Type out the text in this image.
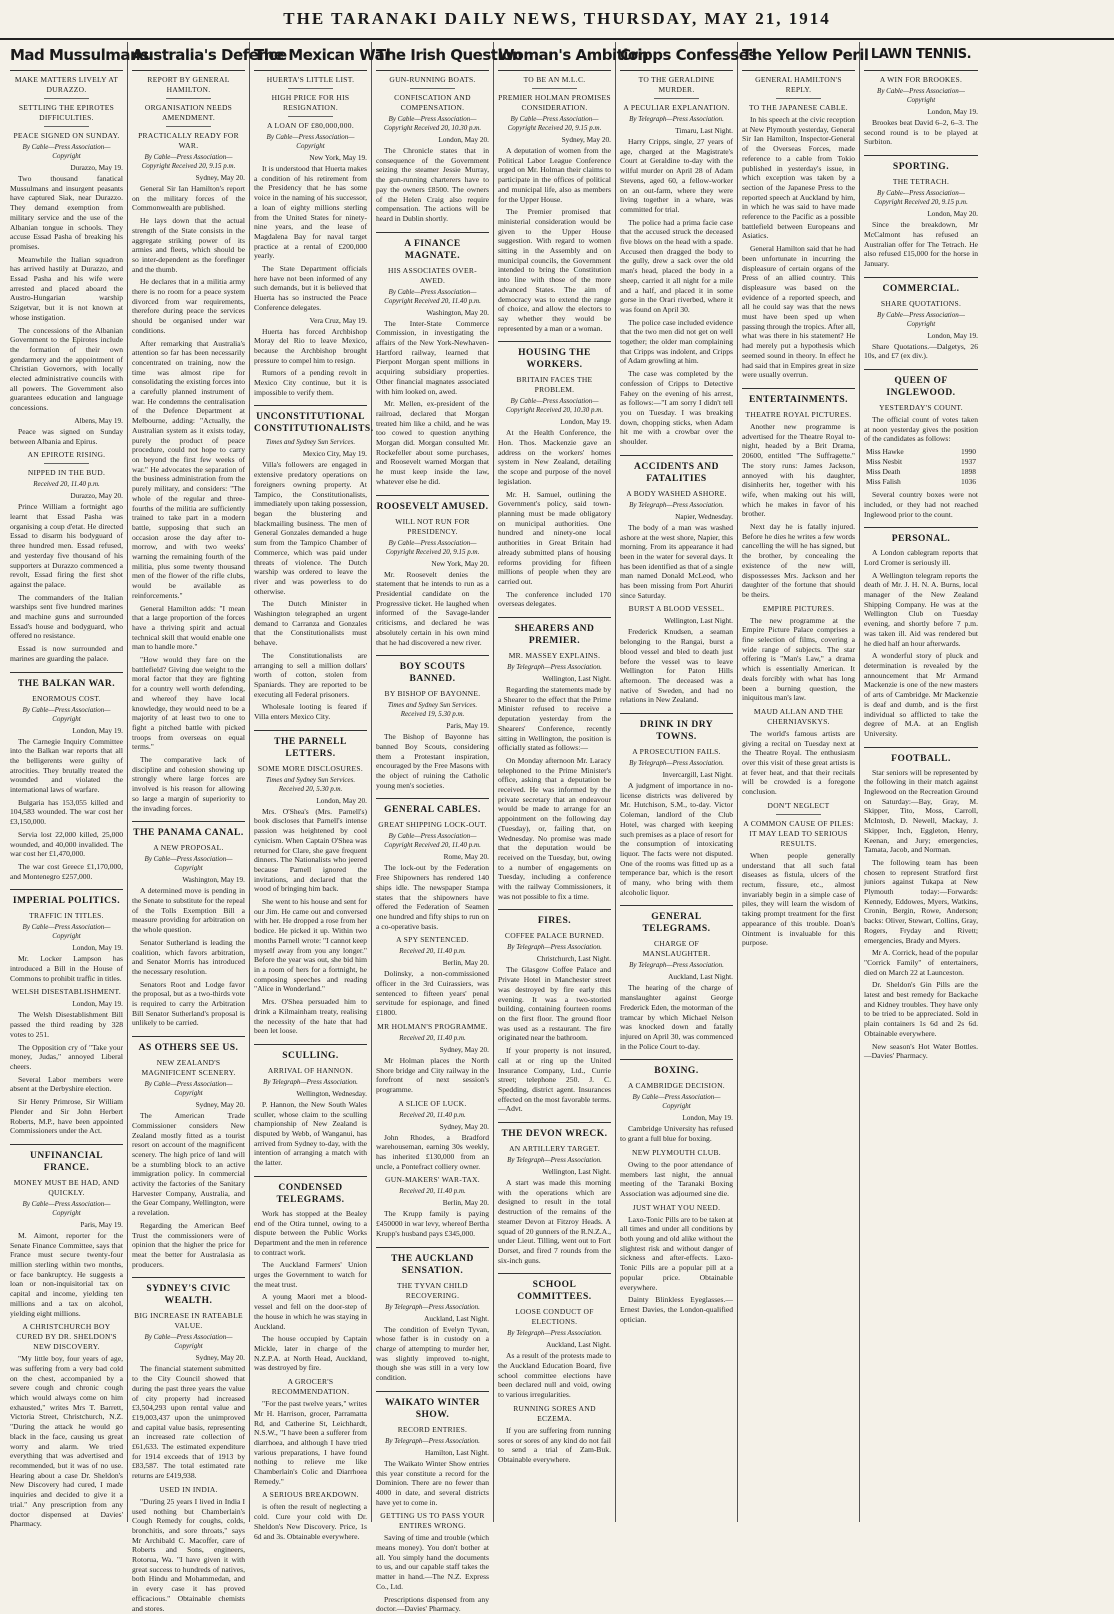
THE TARANAKI DAILY NEWS, THURSDAY, MAY 21, 1914
Mad Mussulmans
MAKE MATTERS LIVELY AT DURAZZO.
SETTLING THE EPIROTES DIFFICULTIES.
PEACE SIGNED ON SUNDAY.
By Cable—Press Association—Copyright
Durazzo, May 19.

Two thousand fanatical Mussulmans and insurgent peasants have captured Siak, near Durazzo. They demand exemption from military service and the use of the Albanian tongue in schools. They accuse Essad Pasha of breaking his promises.

Meanwhile the Italian squadron has arrived hastily at Durazzo, and Essad Pasha and his wife were arrested and placed aboard the Austro-Hungarian warship Szigetvar, but it is not known at whose instigation.

The concessions of the Albanian Government to the Epirotes include the formation of their own gendarmery and the appointment of Christian Governors, with locally elected administrative councils with all powers. The Government also guarantees education and language concessions.

Albens, May 19.

Peace was signed on Sunday between Albania and Epirus.

AN EPIROTE RISING.
NIPPED IN THE BUD.
Received 20, 11.40 p.m.
Durazzo, May 20.

Prince William a fortnight ago learnt that Essad Pasha was organising a coup d'etat. He directed Essad to disarm his bodyguard of three hundred men. Essad refused, and yesterday five thousand of his supporters at Durazzo commenced a revolt, Essad firing the first shot against the palace.

The commanders of the Italian warships sent five hundred marines and machine guns and surrounded Essad's house and bodyguard, who offered no resistance.

Essad is now surrounded and marines are guarding the palace.

THE BALKAN WAR.
ENORMOUS COST.
By Cable—Press Association—Copyright
London, May 19.

The Carnegie Inquiry Committee into the Balkan war reports that all the belligerents were guilty of atrocities. They brutally treated the wounded and violated the international laws of warfare.

Bulgaria has 153,055 killed and 104,583 wounded. The war cost her £3,150,000.

Servia lost 22,000 killed, 25,000 wounded, and 40,000 invalided. The war cost her £1,470,000.

The war cost Greece £1,170,000, and Montenegro £257,000.

IMPERIAL POLITICS.
TRAFFIC IN TITLES.
By Cable—Press Association—Copyright
London, May 19.

Mr. Locker Lampson has introduced a Bill in the House of Commons to prohibit traffic in titles.

WELSH DISESTABLISHMENT.
London, May 19.

The Welsh Disestablishment Bill passed the third reading by 328 votes to 251.

The Opposition cry of "Take your money, Judas," annoyed Liberal cheers.

Several Labor members were absent at the Derbyshire election.

Sir Henry Primrose, Sir William Plender and Sir John Herbert Roberts, M.P., have been appointed Commissioners under the Act.

UNFINANCIAL FRANCE.
MONEY MUST BE HAD, AND QUICKLY.
By Cable—Press Association—Copyright
Paris, May 19.

M. Aimont, reporter for the Senate Finance Committee, says that France must secure twenty-four million sterling within two months, or face bankruptcy. He suggests a loan or non-inquisitorial tax on capital and income, yielding ten millions and a tax on alcohol, yielding eight millions.

A CHRISTCHURCH BOY CURED BY DR. SHELDON'S NEW DISCOVERY.

"My little boy, four years of age, was suffering from a very bad cold on the chest, accompanied by a severe cough and chronic cough which would always come on him exhausted," writes Mrs T. Barrett, Victoria Street, Christchurch, N.Z. "During the attack he would go black in the face, causing us great worry and alarm. We tried everything that was advertised and recommended, but it was of no use. Hearing about a case Dr. Sheldon's New Discovery had cured, I made inquiries and decided to give it a trial." Any prescription from any doctor dispensed at Davies' Pharmacy.

Australia's Defence
REPORT BY GENERAL HAMILTON.
ORGANISATION NEEDS AMENDMENT.
PRACTICALLY READY FOR WAR.
By Cable—Press Association—Copyright Received 20, 9.15 p.m.
Sydney, May 20.

General Sir Ian Hamilton's report on the military forces of the Commonwealth are published.

He lays down that the actual strength of the State consists in the aggregate striking power of its armies and fleets, which should be so inter-dependent as the forefinger and the thumb.

He declares that in a militia army there is no room for a peace system divorced from war requirements, therefore during peace the services should be organised under war conditions.

After remarking that Australia's attention so far has been necessarily concentrated on training, now the time was almost ripe for consolidating the existing forces into a carefully planned instrument of war. He condemns the centralisation of the Defence Department at Melbourne, adding: "Actually, the Australian system as it exists today, purely the product of peace procedure, could not hope to carry on beyond the first few weeks of war." He advocates the separation of the business administration from the purely military, and considers: "The whole of the regular and three-fourths of the militia are sufficiently trained to take part in a modern battle, supposing that such an occasion arose the day after to-morrow, and with two weeks' warning the remaining fourth of the militia, plus some twenty thousand men of the flower of the rifle clubs, would be available as reinforcements."

General Hamilton adds: "I mean that a large proportion of the forces have a thriving spirit and actual technical skill that would enable one man to handle more."

"How would they fare on the battlefield? Giving due weight to the moral factor that they are fighting for a country well worth defending, and whereof they have local knowledge, they would need to be a majority of at least two to one to fight a pitched battle with picked troops from overseas on equal terms."

The comparative lack of discipline and cohesion showing up strongly where large forces are involved is his reason for allowing so large a margin of superiority to the invading forces.

THE PANAMA CANAL.
A NEW PROPOSAL.
By Cable—Press Association—Copyright
Washington, May 19.

A determined move is pending in the Senate to substitute for the repeal of the Tolls Exemption Bill a measure providing for arbitration on the whole question.

Senator Sutherland is leading the coalition, which favors arbitration, and Senator Morris has introduced the necessary resolution.

Senators Root and Lodge favor the proposal, but as a two-thirds vote is required to carry the Arbitration Bill Senator Sutherland's proposal is unlikely to be carried.

AS OTHERS SEE US.
NEW ZEALAND'S MAGNIFICENT SCENERY.
By Cable—Press Association—Copyright
Sydney, May 20.

The American Trade Commissioner considers New Zealand mostly fitted as a tourist resort on account of the magnificent scenery. The high price of land will be a stumbling block to an active immigration policy. In commercial activity the factories of the Sanitary Harvester Company, Australia, and the Gear Company, Wellington, were a revelation.

Regarding the American Beef Trust the commissioners were of opinion that the higher the price for meat the better for Australasia as producers.

SYDNEY'S CIVIC WEALTH.
BIG INCREASE IN RATEABLE VALUE.
By Cable—Press Association—Copyright
Sydney, May 20.

The financial statement submitted to the City Council showed that during the past three years the value of city property had increased £3,504,293 upon rental value and £19,003,437 upon the unimproved and capital value basis, representing an increased rate collection of £61,633. The estimated expenditure for 1914 exceeds that of 1913 by £83,587. The total estimated rate returns are £419,938.

USED IN INDIA.

"During 25 years I lived in India I used nothing but Chamberlain's Cough Remedy for coughs, colds, bronchitis, and sore throats," says Mr Archibald C. Macoffer, care of Roberts and Sons, engineers, Rotorua, Wa. "I have given it with great success to hundreds of natives, both Hindu and Mohammedan, and in every case it has proved efficacious." Obtainable chemists and stores.

The Mexican War
HUERTA'S LITTLE LIST.
HIGH PRICE FOR HIS RESIGNATION.
A LOAN OF £80,000,000.
By Cable—Press Association—Copyright
New York, May 19.

It is understood that Huerta makes a condition of his retirement from the Presidency that he has some voice in the naming of his successor, a loan of eighty millions sterling from the United States for ninety-nine years, and the lease of Magdalena Bay for naval target practice at a rental of £200,000 yearly.

The State Department officials here have not been informed of any such demands, but it is believed that Huerta has so instructed the Peace Conference delegates.

Vera Cruz, May 19.

Huerta has forced Archbishop Moray del Rio to leave Mexico, because the Archbishop brought pressure to compel him to resign.

Rumors of a pending revolt in Mexico City continue, but it is impossible to verify them.

UNCONSTITUTIONAL CONSTITUTIONALISTS.
Times and Sydney Sun Services.
Mexico City, May 19.

Villa's followers are engaged in extensive predatory operations on foreigners owning property. At Tampico, the Constitutionalists, immediately upon taking possession, began the blustering and blackmailing business. The men of General Gonzales demanded a huge sum from the Tampico Chamber of Commerce, which was paid under threats of violence. The Dutch warship was ordered to leave the river and was powerless to do otherwise.

The Dutch Minister in Washington telegraphed an urgent demand to Carranza and Gonzales that the Constitutionalists must behave.

The Constitutionalists are arranging to sell a million dollars' worth of cotton, stolen from Spaniards. They are reported to be executing all Federal prisoners.

Wholesale looting is feared if Villa enters Mexico City.

THE PARNELL LETTERS.
SOME MORE DISCLOSURES.
Times and Sydney Sun Services. Received 20, 5.30 p.m.
London, May 20.

Mrs. O'Shea's (Mrs. Parnell's) book discloses that Parnell's intense passion was heightened by cool cynicism. When Captain O'Shea was returned for Clare, she gave frequent dinners. The Nationalists who jeered because Parnell ignored the invitations, and declared that the wood of bringing him back.

She went to his house and sent for our Jim. He came out and conversed with her. He dropped a rose from her bodice. He picked it up. Within two months Parnell wrote: "I cannot keep myself away from you any longer." Before the year was out, she bid him in a room of hers for a fortnight, he composing speeches and reading "Alice in Wonderland."

Mrs. O'Shea persuaded him to drink a Kilmainham treaty, realising the necessity of the hate that had been let loose.

SCULLING.
ARRIVAL OF HANNON.
By Telegraph—Press Association.
Wellington, Wednesday.

P. Hannon, the New South Wales sculler, whose claim to the sculling championship of New Zealand is disputed by Webb, of Wanganui, has arrived from Sydney to-day, with the intention of arranging a match with the latter.

CONDENSED TELEGRAMS.

Work has stopped at the Bealey end of the Otira tunnel, owing to a dispute between the Public Works Department and the men in reference to contract work.

The Auckland Farmers' Union urges the Government to watch for the meat trust.

A young Maori met a blood-vessel and fell on the door-step of the house in which he was staying in Auckland.

The house occupied by Captain Mickle, later in charge of the N.Z.P.A. at North Head, Auckland, was destroyed by fire.

A GROCER'S RECOMMENDATION.

"For the past twelve years," writes Mr H. Harrison, grocer, Parramatta Rd, and Catherine St, Leichhardt, N.S.W., "I have been a sufferer from diarrhoea, and although I have tried various preparations, I have found nothing to relieve me like Chamberlain's Colic and Diarrhoea Remedy."

A SERIOUS BREAKDOWN.

is often the result of neglecting a cold. Cure your cold with Dr. Sheldon's New Discovery. Price, 1s 6d and 3s. Obtainable everywhere.

The Irish Question
GUN-RUNNING BOATS.
CONFISCATION AND COMPENSATION.
By Cable—Press Association—Copyright Received 20, 10.30 p.m.
London, May 20.

The Chronicle states that in consequence of the Government seizing the steamer Jessie Murray, the gun-running charterers have to pay the owners £8500. The owners of the Helen Craig also require compensation. The actions will be heard in Dublin shortly.

A FINANCE MAGNATE.
HIS ASSOCIATES OVER-AWED.
By Cable—Press Association—Copyright Received 20, 11.40 p.m.
Washington, May 20.

The Inter-State Commerce Commission, in investigating the affairs of the New York-Newhaven-Hartford railway, learned that Pierpont Morgan spent millions in acquiring subsidiary properties. Other financial magnates associated with him looked on, awed.

Mr. Mellen, ex-president of the railroad, declared that Morgan treated him like a child, and he was too cowed to question anything Morgan did. Morgan consulted Mr. Rockefeller about some purchases, and Roosevelt warned Morgan that he must keep inside the law, whatever else he did.

ROOSEVELT AMUSED.
WILL NOT RUN FOR PRESIDENCY.
By Cable—Press Association—Copyright Received 20, 9.15 p.m.
New York, May 20.

Mr. Roosevelt denies the statement that he intends to run as a Presidential candidate on the Progressive ticket. He laughed when informed of the Savage-lander criticisms, and declared he was absolutely certain in his own mind that he had discovered a new river.

BOY SCOUTS BANNED.
BY BISHOP OF BAYONNE.
Times and Sydney Sun Services. Received 19, 5.30 p.m.
Paris, May 19.

The Bishop of Bayonne has banned Boy Scouts, considering them a Protestant inspiration, encouraged by the Free Masons with the object of ruining the Catholic young men's societies.

GENERAL CABLES.
GREAT SHIPPING LOCK-OUT.
By Cable—Press Association—Copyright Received 20, 11.40 p.m.
Rome, May 20.

The lock-out by the Federation Free Shipowners has rendered 140 ships idle. The newspaper Stampa states that the shipowners have offered the Federation of Seamen one hundred and fifty ships to run on a co-operative basis.

A SPY SENTENCED.
Received 20, 11.40 p.m.
Berlin, May 20.

Dolinsky, a non-commissioned officer in the 3rd Cuirassiers, was sentenced to fifteen years' penal servitude for espionage, and fined £1800.

MR HOLMAN'S PROGRAMME.
Received 20, 11.40 p.m.
Sydney, May 20.

Mr Holman places the North Shore bridge and City railway in the forefront of next session's programme.

A SLICE OF LUCK.
Received 20, 11.40 p.m.
Sydney, May 20.

John Rhodes, a Bradford warehouseman, earning 30s weekly, has inherited £130,000 from an uncle, a Pontefract colliery owner.

GUN-MAKERS' WAR-TAX.
Received 20, 11.40 p.m.
Berlin, May 20.

The Krupp family is paying £450000 in war levy, whereof Bertha Krupp's husband pays £345,000.

THE AUCKLAND SENSATION.
THE TYVAN CHILD RECOVERING.
By Telegraph—Press Association.
Auckland, Last Night.

The condition of Evelyn Tyvan, whose father is in custody on a charge of attempting to murder her, was slightly improved to-night, though she was still in a very low condition.

WAIKATO WINTER SHOW.
RECORD ENTRIES.
By Telegraph—Press Association.
Hamilton, Last Night.

The Waikato Winter Show entries this year constitute a record for the Dominion. There are no fewer than 4000 in date, and several districts have yet to come in.

GETTING US TO PASS YOUR ENTIRES WRONG.

Saving of time and trouble (which means money). You don't bother at all. You simply hand the documents to us, and our capable staff takes the matter in hand.—The N.Z. Express Co., Ltd.

Prescriptions dispensed from any doctor.—Davies' Pharmacy.

Woman's Ambition
TO BE AN M.L.C.
PREMIER HOLMAN PROMISES CONSIDERATION.
By Cable—Press Association—Copyright Received 20, 9.15 p.m.
Sydney, May 20.

A deputation of women from the Political Labor League Conference urged on Mr. Holman their claims to participate in the offices of political and municipal life, also as members for the Upper House.

The Premier promised that ministerial consideration would be given to the Upper House suggestion. With regard to women sitting in the Assembly and on municipal councils, the Government intended to bring the Constitution into line with those of the more advanced States. The aim of democracy was to extend the range of choice, and allow the electors to say whether they would be represented by a man or a woman.

HOUSING THE WORKERS.
BRITAIN FACES THE PROBLEM.
By Cable—Press Association—Copyright Received 20, 10.30 p.m.
London, May 19.

At the Health Conference, the Hon. Thos. Mackenzie gave an address on the workers' homes system in New Zealand, detailing the scope and purpose of the novel legislation.

Mr. H. Samuel, outlining the Government's policy, said town-planning must be made obligatory on municipal authorities. One hundred and ninety-one local authorities in Great Britain had already submitted plans of housing reforms providing for fifteen millions of people when they are carried out.

The conference included 170 overseas delegates.

SHEARERS AND PREMIER.
MR. MASSEY EXPLAINS.
By Telegraph—Press Association.
Wellington, Last Night.

Regarding the statements made by a Shearer to the effect that the Prime Minister refused to receive a deputation yesterday from the Shearers' Conference, recently sitting in Wellington, the position is officially stated as follows:—

On Monday afternoon Mr. Laracy telephoned to the Prime Minister's office, asking that a deputation be received. He was informed by the private secretary that an endeavour would be made to arrange for an appointment on the following day (Tuesday), or, failing that, on Wednesday. No promise was made that the deputation would be received on the Tuesday, but, owing to a number of engagements on Tuesday, including a conference with the railway Commissioners, it was not possible to fix a time.

FIRES.
COFFEE PALACE BURNED.
By Telegraph—Press Association.
Christchurch, Last Night.

The Glasgow Coffee Palace and Private Hotel in Manchester street was destroyed by fire early this evening. It was a two-storied building, containing fourteen rooms on the first floor. The ground floor was used as a restaurant. The fire originated near the bathroom.

If your property is not insured, call at or ring up the United Insurance Company, Ltd., Currie street; telephone 250. J. C. Spedding, district agent. Insurances effected on the most favorable terms.—Advt.

THE DEVON WRECK.
AN ARTILLERY TARGET.
By Telegraph—Press Association.
Wellington, Last Night.

A start was made this morning with the operations which are designed to result in the total destruction of the remains of the steamer Devon at Fitzroy Heads. A squad of 20 gunners of the R.N.Z.A., under Lieut. Tilling, went out to Fort Dorset, and fired 7 rounds from the six-inch guns.

SCHOOL COMMITTEES.
LOOSE CONDUCT OF ELECTIONS.
By Telegraph—Press Association.
Auckland, Last Night.

As a result of the protests made to the Auckland Education Board, five school committee elections have been declared null and void, owing to various irregularities.

RUNNING SORES AND ECZEMA.

If you are suffering from running sores or sores of any kind do not fail to send a trial of Zam-Buk. Obtainable everywhere.

Cripps Confesses
TO THE GERALDINE MURDER.
A PECULIAR EXPLANATION.
By Telegraph—Press Association.
Timaru, Last Night.

Harry Cripps, single, 27 years of age, charged at the Magistrate's Court at Geraldine to-day with the wilful murder on April 28 of Adam Stevens, aged 60, a fellow-worker on an out-farm, where they were living together in a whare, was committed for trial.

The police had a prima facie case that the accused struck the deceased five blows on the head with a spade. Accused then dragged the body to the gully, drew a sack over the old man's head, placed the body in a sheep, carried it all night for a mile and a half, and placed it in some gorse in the Orari riverbed, where it was found on April 30.

The police case included evidence that the two men did not get on well together; the older man complaining that Cripps was indolent, and Cripps of Adam growling at him.

The case was completed by the confession of Cripps to Detective Fahey on the evening of his arrest, as follows:—"I am sorry I didn't tell you on Tuesday. I was breaking down, chopping sticks, when Adam hit me with a crowbar over the shoulder.

ACCIDENTS AND FATALITIES
A BODY WASHED ASHORE.
By Telegraph—Press Association.
Napier, Wednesday.

The body of a man was washed ashore at the west shore, Napier, this morning. From its appearance it had been in the water for several days. It has been identified as that of a single man named Donald McLeod, who has been missing from Port Ahuriri since Saturday.

BURST A BLOOD VESSEL.
Wellington, Last Night.

Frederick Knudsen, a seaman belonging to the Rangai, burst a blood vessel and bled to death just before the vessel was to leave Wellington for Paton Hills afternoon. The deceased was a native of Sweden, and had no relations in New Zealand.

DRINK IN DRY TOWNS.
A PROSECUTION FAILS.
By Telegraph—Press Association.
Invercargill, Last Night.

A judgment of importance in no-license districts was delivered by Mr. Hutchison, S.M., to-day. Victor Coleman, landlord of the Club Hotel, was charged with keeping such premises as a place of resort for the consumption of intoxicating liquor. The facts were not disputed. One of the rooms was fitted up as a temperance bar, which is the resort of many, who bring with them alcoholic liquor.

GENERAL TELEGRAMS.
CHARGE OF MANSLAUGHTER.
By Telegraph—Press Association.
Auckland, Last Night.

The hearing of the charge of manslaughter against George Frederick Eden, the motorman of the tramcar by which Michael Nelson was knocked down and fatally injured on April 30, was commenced in the Police Court to-day.

BOXING.
A CAMBRIDGE DECISION.
By Cable—Press Association—Copyright
London, May 19.

Cambridge University has refused to grant a full blue for boxing.

NEW PLYMOUTH CLUB.

Owing to the poor attendance of members last night, the annual meeting of the Taranaki Boxing Association was adjourned sine die.

JUST WHAT YOU NEED.

Laxo-Tonic Pills are to be taken at all times and under all conditions by both young and old alike without the slightest risk and without danger of sickness and after-effects. Laxo-Tonic Pills are a popular pill at a popular price. Obtainable everywhere.

Dainty Blinkless Eyeglasses.—Ernest Davies, the London-qualified optician.

The Yellow Peril
GENERAL HAMILTON'S REPLY.
TO THE JAPANESE CABLE.

In his speech at the civic reception at New Plymouth yesterday, General Sir Ian Hamilton, Inspector-General of the Overseas Forces, made reference to a cable from Tokio published in yesterday's issue, in which exception was taken by a section of the Japanese Press to the reported speech at Auckland by him, in which he was said to have made reference to the Pacific as a possible battlefield between Europeans and Asiatics.

General Hamilton said that he had been unfortunate in incurring the displeasure of certain organs of the Press of an allied country. This displeasure was based on the evidence of a reported speech, and all he could say was that the news must have been sped up when passing through the tropics. After all, what was there in his statement? He had merely put a hypothesis which seemed sound in theory. In effect he had said that in Empires great in size were usually overrun.

ENTERTAINMENTS.
THEATRE ROYAL PICTURES.

Another new programme is advertised for the Theatre Royal to-night, headed by a Brit Drama, 20600, entitled "The Suffragette." The story runs: James Jackson, annoyed with his daughter, disinherits her, together with his wife, when making out his will, which he makes in favor of his brother.

Next day he is fatally injured. Before he dies he writes a few words cancelling the will he has signed, but the brother, by concealing the existence of the new will, dispossesses Mrs. Jackson and her daughter of the fortune that should be theirs.

EMPIRE PICTURES.

The new programme at the Empire Picture Palace comprises a fine selection of films, covering a wide range of subjects. The star offering is "Man's Law," a drama which is essentially American. It deals forcibly with what has long been a burning question, the iniquitous man's law.

MAUD ALLAN AND THE CHERNIAVSKYS.

The world's famous artists are giving a recital on Tuesday next at the Theatre Royal. The enthusiasm over this visit of these great artists is at fever heat, and that their recitals will be crowded is a foregone conclusion.

DON'T NEGLECT
A COMMON CAUSE OF PILES: IT MAY LEAD TO SERIOUS RESULTS.

When people generally understand that all such fatal diseases as fistula, ulcers of the rectum, fissure, etc., almost invariably begin in a simple case of piles, they will learn the wisdom of taking prompt treatment for the first appearance of this trouble. Doan's Ointment is invaluable for this purpose.

LAWN TENNIS.
A WIN FOR BROOKES.
By Cable—Press Association—Copyright
London, May 19.

Brookes beat David 6–2, 6–3. The second round is to be played at Surbiton.

SPORTING.
THE TETRACH.
By Cable—Press Association—Copyright Received 20, 9.15 p.m.
London, May 20.

Since the breakdown, Mr McCalmont has refused an Australian offer for The Tetrach. He also refused £15,000 for the horse in January.

COMMERCIAL.
SHARE QUOTATIONS.
By Cable—Press Association—Copyright
London, May 19.

Share Quotations.—Dalgetys, 26 10s, and £7 (ex div.).

QUEEN OF INGLEWOOD.
YESTERDAY'S COUNT.

The official count of votes taken at noon yesterday gives the position of the candidates as follows:

Miss Hawke	1990
Miss Nesbit	1937
Miss Death	1898
Miss Falish	1036

Several country boxes were not included, or they had not reached Inglewood prior to the count.

PERSONAL.

A London cablegram reports that Lord Cromer is seriously ill.

A Wellington telegram reports the death of Mr. J. H. N. A. Burns, local manager of the New Zealand Shipping Company. He was at the Wellington Club on Tuesday evening, and shortly before 7 p.m. was taken ill. Aid was rendered but he died half an hour afterwards.

A wonderful story of pluck and determination is revealed by the announcement that Mr Armand Mackenzie is one of the new masters of arts of Cambridge. Mr Mackenzie is deaf and dumb, and is the first individual so afflicted to take the degree of M.A. at an English University.

FOOTBALL.

Star seniors will be represented by the following in their match against Inglewood on the Recreation Ground on Saturday:—Bay, Gray, M. Skipper, Tito, Moss, Carroll, McIntosh, D. Newell, Mackay, J. Skipper, Inch, Eggleton, Henry, Keenan, and Jury; emergencies, Tamata, Jacob, and Norman.

The following team has been chosen to represent Stratford first juniors against Tukapa at New Plymouth today:—Forwards: Kennedy, Eddowes, Myers, Watkins, Cronin, Bergin, Rowe, Anderson; backs: Oliver, Stewart, Collins, Gray, Rogers, Fryday and Rivett; emergencies, Brady and Myers.

Mr A. Corrick, head of the popular "Corrick Family" of entertainers, died on March 22 at Launceston.

Dr. Sheldon's Gin Pills are the latest and best remedy for Backache and Kidney troubles. They have only to be tried to be appreciated. Sold in plain containers 1s 6d and 2s 6d. Obtainable everywhere.

New season's Hot Water Bottles.—Davies' Pharmacy.
